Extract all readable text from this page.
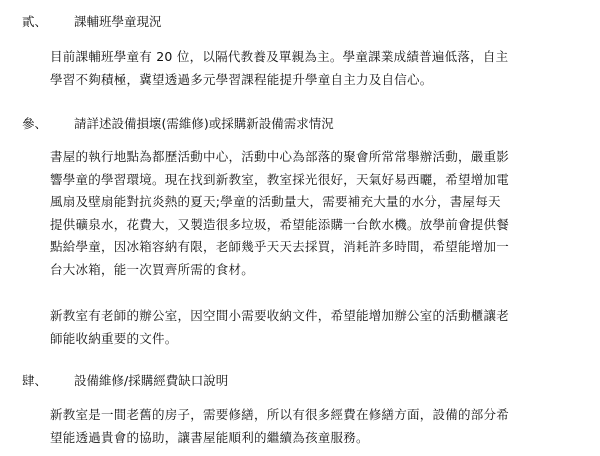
貳、 課輔班學童現況
目前課輔班學童有 20 位，以隔代教養及單親為主。學童課業成績普遍低落，自主
學習不夠積極，冀望透過多元學習課程能提升學童自主力及自信心。
參、 請詳述設備損壞(需維修)或採購新設備需求情況
書屋的執行地點為都歷活動中心，活動中心為部落的聚會所常常舉辦活動，嚴重影
響學童的學習環境。現在找到新教室，教室採光很好，天氣好易西曬，希望增加電
風扇及壁扇能對抗炎熱的夏天;學童的活動量大，需要補充大量的水分，書屋每天
提供礦泉水，花費大，又製造很多垃圾，希望能添購一台飲水機。放學前會提供餐
點給學童，因冰箱容納有限，老師幾乎天天去採買，消耗許多時間，希望能增加一
台大冰箱，能一次買齊所需的食材。
新教室有老師的辦公室，因空間小需要收納文件，希望能增加辦公室的活動櫃讓老
師能收納重要的文件。
肆、 設備維修/採購經費缺口說明
新教室是一間老舊的房子，需要修繕，所以有很多經費在修繕方面，設備的部分希
望能透過貴會的協助，讓書屋能順利的繼續為孩童服務。
